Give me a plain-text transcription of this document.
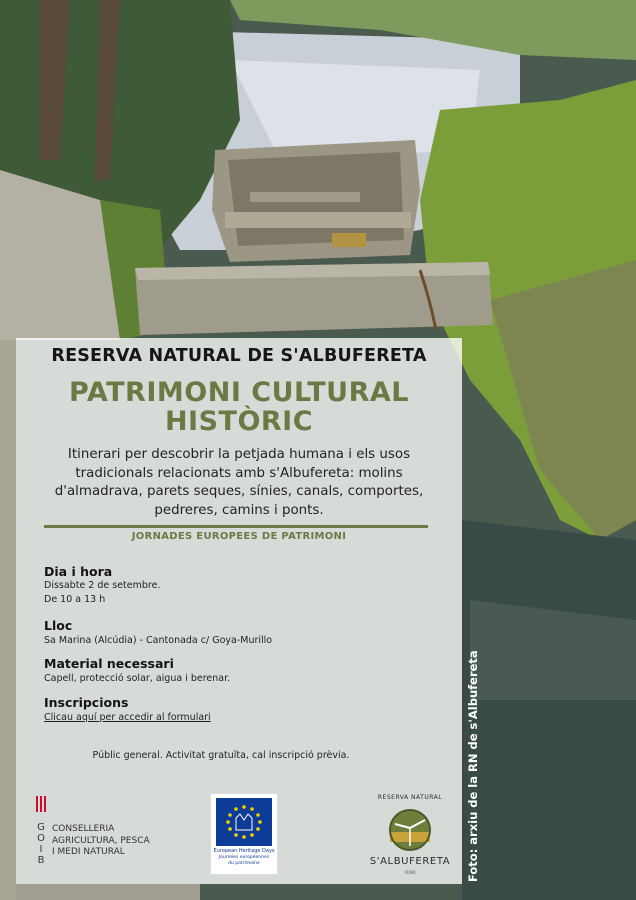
RESERVA NATURAL DE S'ALBUFERETA
PATRIMONI CULTURAL HISTÒRIC
Itinerari per descobrir la petjada humana i els usos tradicionals relacionats amb s'Albufereta: molins d'almadrava, parets seques, sínies, canals, comportes, pedreres, camins i ponts.
JORNADES EUROPEES DE PATRIMONI
Dia i hora
Dissabte 2 de setembre.
De 10 a 13 h
Lloc
Sa Marina (Alcúdia) - Cantonada c/ Goya-Murillo
Material necessari
Capell, protecció solar, aigua i berenar.
Inscripcions
Clicau aquí per accedir al formulari
Públic general. Activitat gratuïta, cal inscripció prèvia.
G
O
I
B
CONSELLERIA
AGRICULTURA, PESCA
I MEDI NATURAL	European Heritage Days
Journées européennes
du patrimoine
RESERVA NATURAL
S'ALBUFERETA
XDNR	Foto: arxiu de la RN de s'Albufereta
